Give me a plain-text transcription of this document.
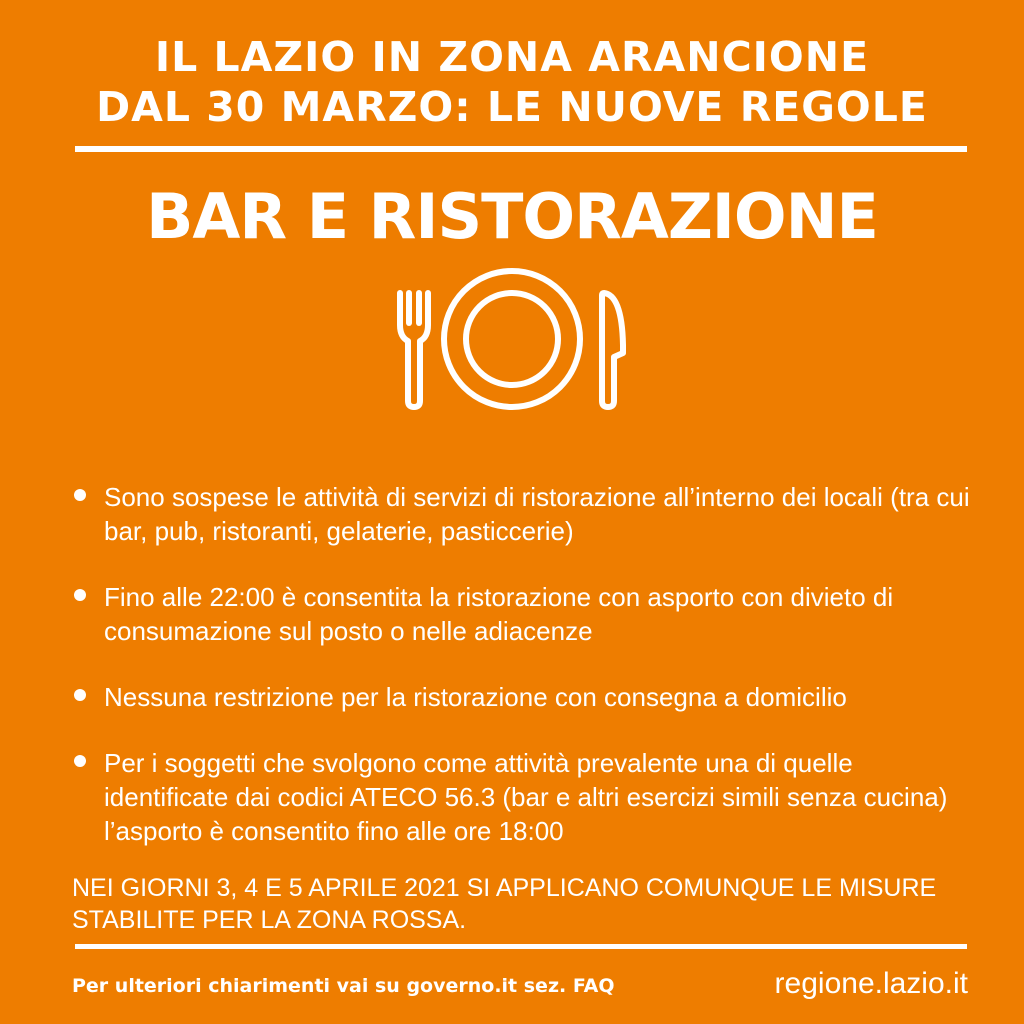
IL LAZIO IN ZONA ARANCIONE
DAL 30 MARZO: LE NUOVE REGOLE
BAR E RISTORAZIONE
Sono sospese le attività di servizi di ristorazione all’interno dei locali (tra cui bar, pub, ristoranti, gelaterie, pasticcerie)
Fino alle 22:00 è consentita la ristorazione con asporto con divieto di consumazione sul posto o nelle adiacenze
Nessuna restrizione per la ristorazione con consegna a domicilio
Per i soggetti che svolgono come attività prevalente una di quelle identificate dai codici ATECO 56.3 (bar e altri esercizi simili senza cucina) l’asporto è consentito fino alle ore 18:00
NEI GIORNI 3, 4 E 5 APRILE 2021 SI APPLICANO COMUNQUE LE MISURE STABILITE PER LA ZONA ROSSA.
Per ulteriori chiarimenti vai su governo.it sez. FAQ	regione.lazio.it
